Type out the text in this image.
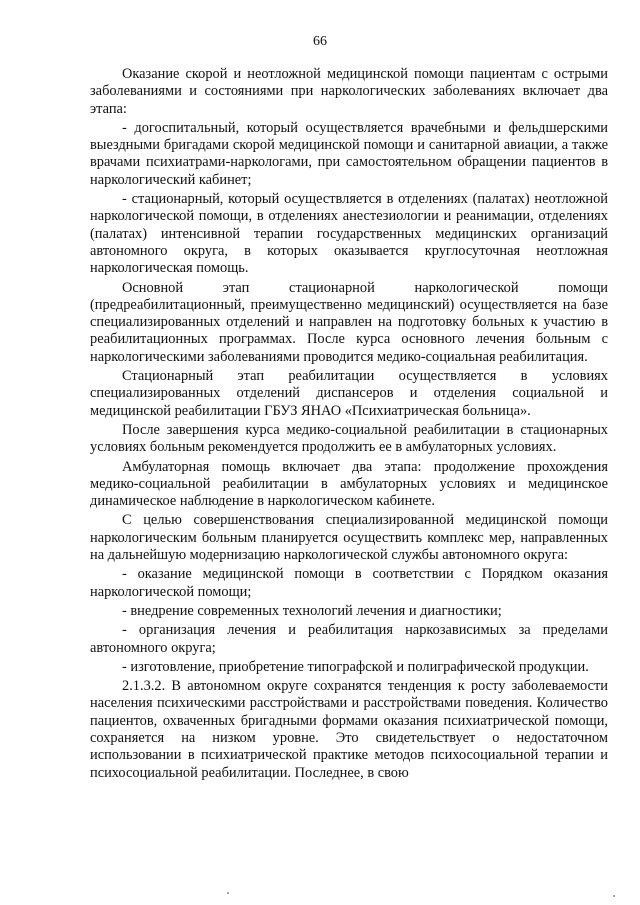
66

Оказание скорой и неотложной медицинской помощи пациентам с острыми заболеваниями и состояниями при наркологических заболеваниях включает два этапа:

- догоспитальный, который осуществляется врачебными и фельдшерскими выездными бригадами скорой медицинской помощи и санитарной авиации, а также врачами психиатрами-наркологами, при самостоятельном обращении пациентов в наркологический кабинет;

- стационарный, который осуществляется в отделениях (палатах) неотложной наркологической помощи, в отделениях анестезиологии и реанимации, отделениях (палатах) интенсивной терапии государственных медицинских организаций автономного округа, в которых оказывается круглосуточная неотложная наркологическая помощь.

Основной этап стационарной наркологической помощи (предреабилитационный, преимущественно медицинский) осуществляется на базе специализированных отделений и направлен на подготовку больных к участию в реабилитационных программах. После курса основного лечения больным с наркологическими заболеваниями проводится медико-социальная реабилитация.

Стационарный этап реабилитации осуществляется в условиях специализированных отделений диспансеров и отделения социальной и медицинской реабилитации ГБУЗ ЯНАО «Психиатрическая больница».

После завершения курса медико-социальной реабилитации в стационарных условиях больным рекомендуется продолжить ее в амбулаторных условиях.

Амбулаторная помощь включает два этапа: продолжение прохождения медико-социальной реабилитации в амбулаторных условиях и медицинское динамическое наблюдение в наркологическом кабинете.

С целью совершенствования специализированной медицинской помощи наркологическим больным планируется осуществить комплекс мер, направленных на дальнейшую модернизацию наркологической службы автономного округа:

- оказание медицинской помощи в соответствии с Порядком оказания наркологической помощи;

- внедрение современных технологий лечения и диагностики;

- организация лечения и реабилитация наркозависимых за пределами автономного округа;

- изготовление, приобретение типографской и полиграфической продукции.

2.1.3.2. В автономном округе сохранятся тенденция к росту заболеваемости населения психическими расстройствами и расстройствами поведения. Количество пациентов, охваченных бригадными формами оказания психиатрической помощи, сохраняется на низком уровне. Это свидетельствует о недостаточном использовании в психиатрической практике методов психосоциальной терапии и психосоциальной реабилитации. Последнее, в свою
